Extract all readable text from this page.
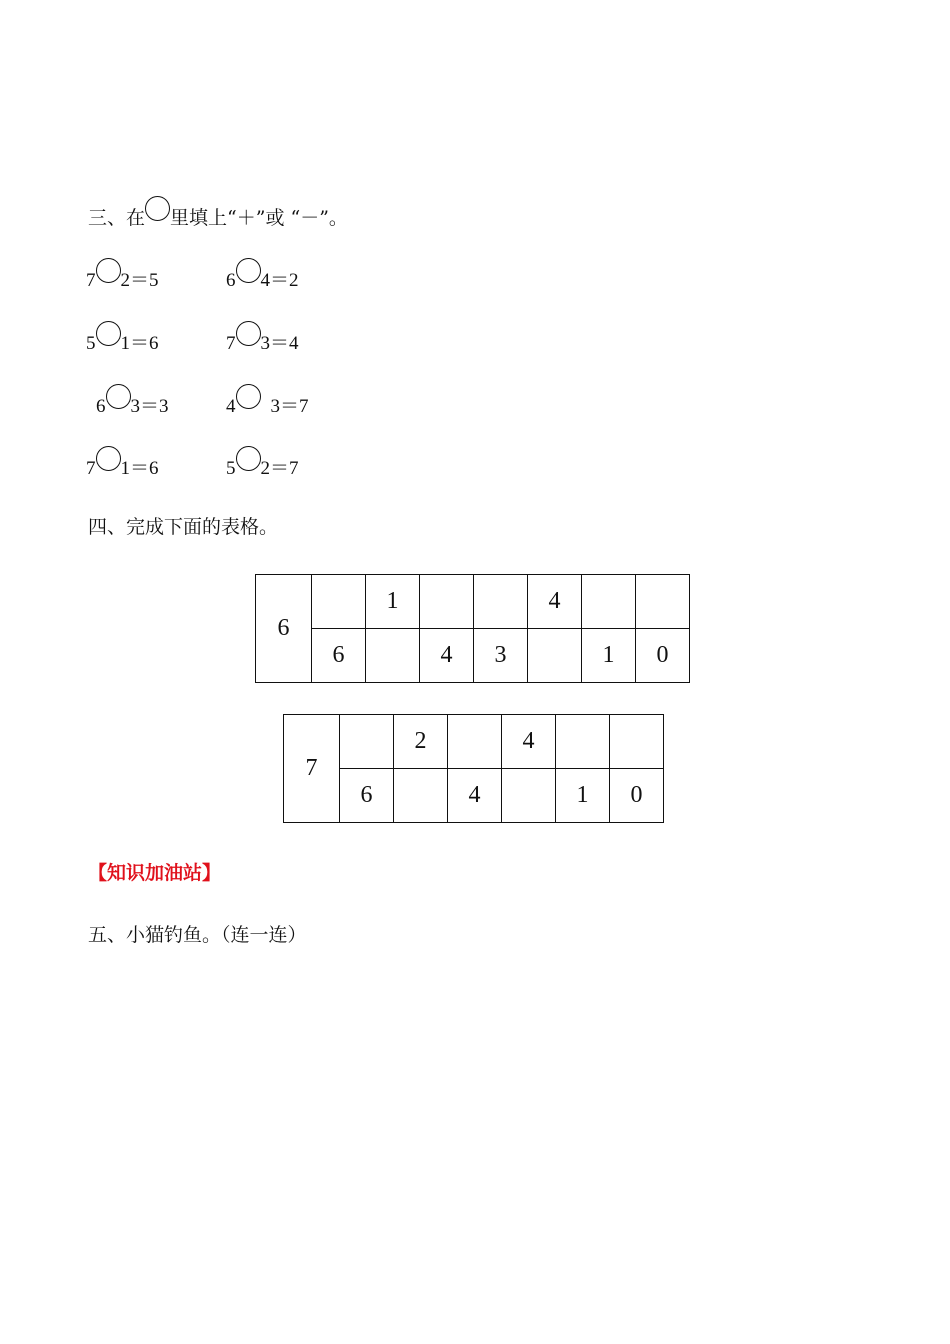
三、在 里填上“＋”或 “－”。
7 2＝5	6 4＝2
5 1＝6	7 3＝4
6 3＝3	4 3＝7
7 1＝6	5 2＝7
四、完成下面的表格。
6		1			4		
	6		4	3		1	0
7		2		4		
	6		4		1	0
【知识加油站】
五、小猫钓鱼。（连一连）
